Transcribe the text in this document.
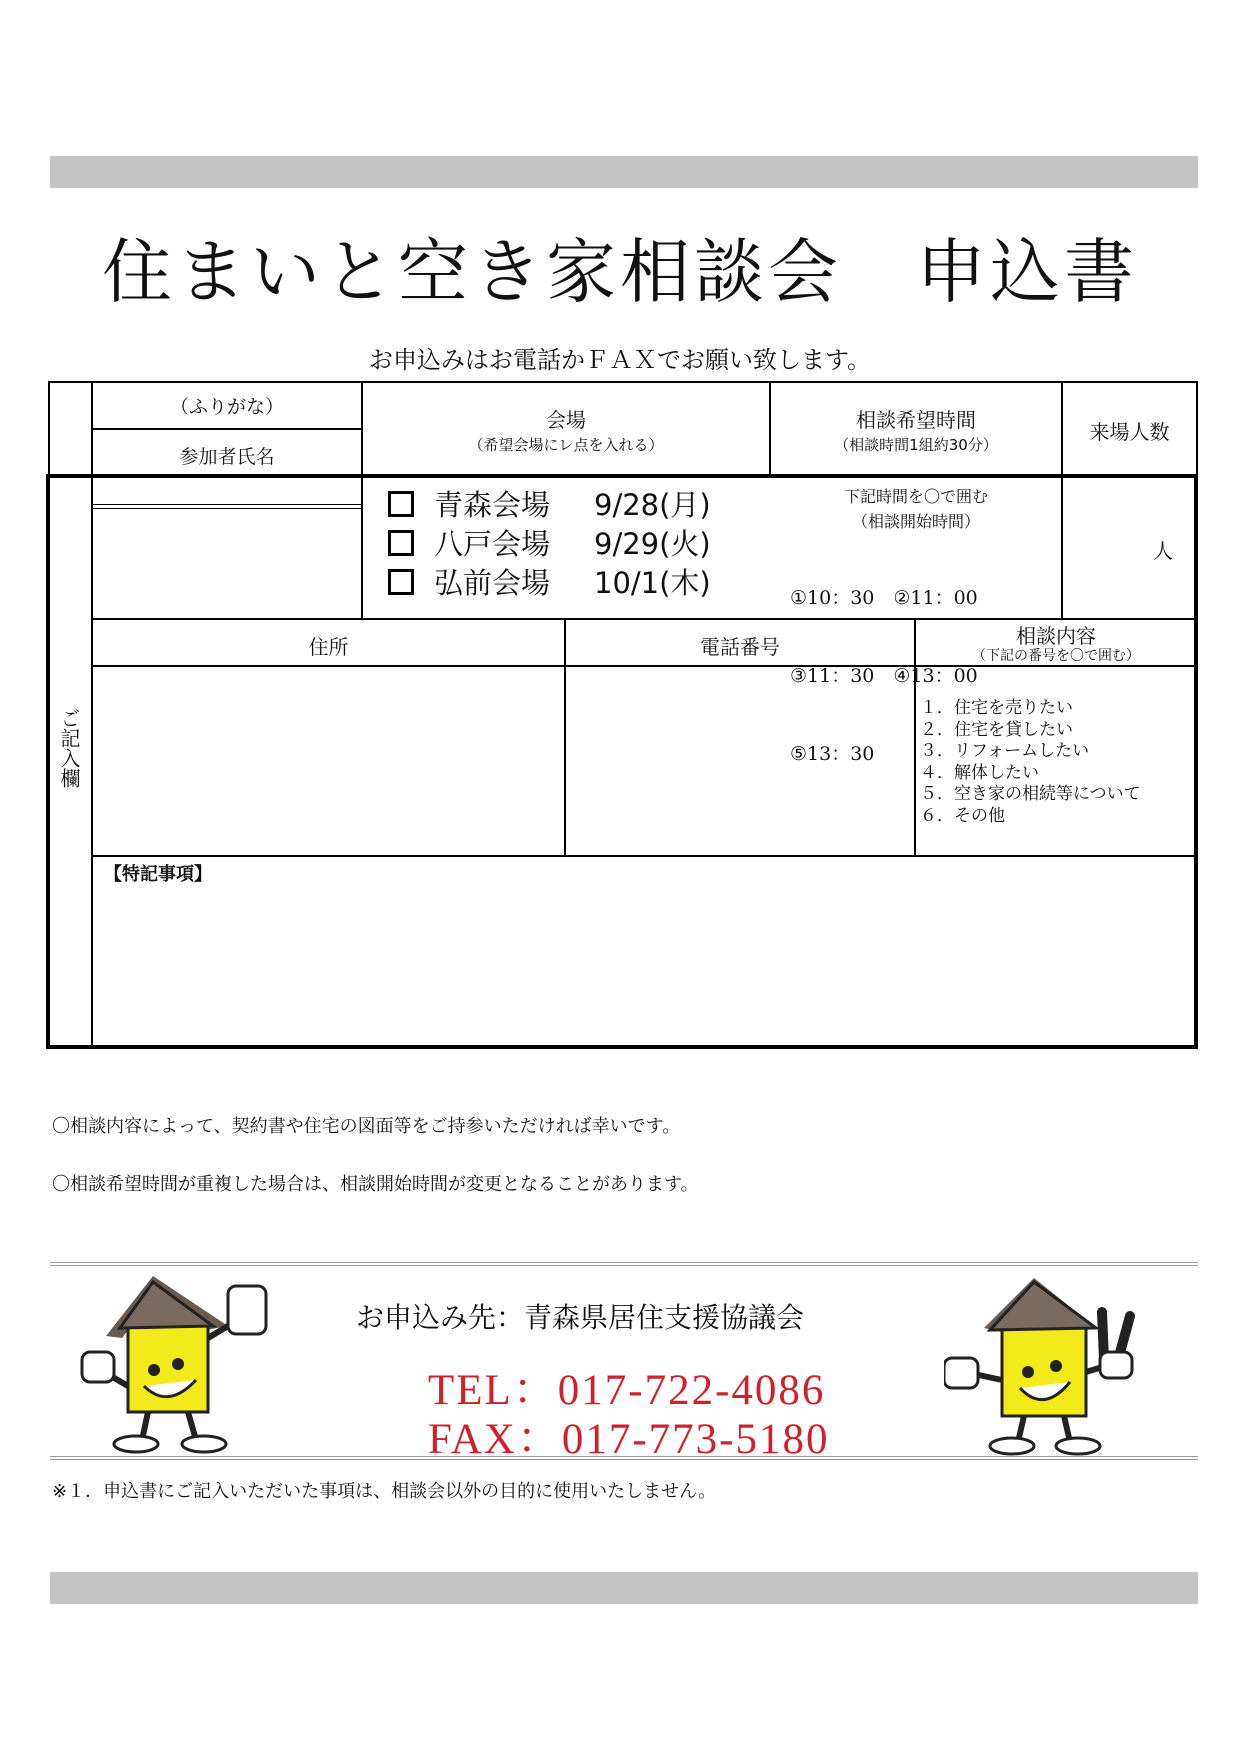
住まいと空き家相談会　申込書
お申込みはお電話かＦＡＸでお願い致します。
（ふりがな）
参加者氏名
会場
（希望会場にレ点を入れる）
相談希望時間
（相談時間1組約30分）
来場人数
ご記入欄
青森会場 9/28(月)
八戸会場 9/29(火)
弘前会場 10/1(木)
下記時間を〇で囲む
（相談開始時間）

①10：30　②11：00

③11：30　④13：00

⑤13：30

人
住所	電話番号	相談内容
（下記の番号を〇で囲む）
１．住宅を売りたい
２．住宅を貸したい
３．リフォームしたい
４．解体したい
５．空き家の相続等について
６．その他
【特記事項】
〇相談内容によって、契約書や住宅の図面等をご持参いただければ幸いです。
〇相談希望時間が重複した場合は、相談開始時間が変更となることがあります。
お申込み先：青森県居住支援協議会
TEL：017-722-4086
FAX：017-773-5180
※１．申込書にご記入いただいた事項は、相談会以外の目的に使用いたしません。
